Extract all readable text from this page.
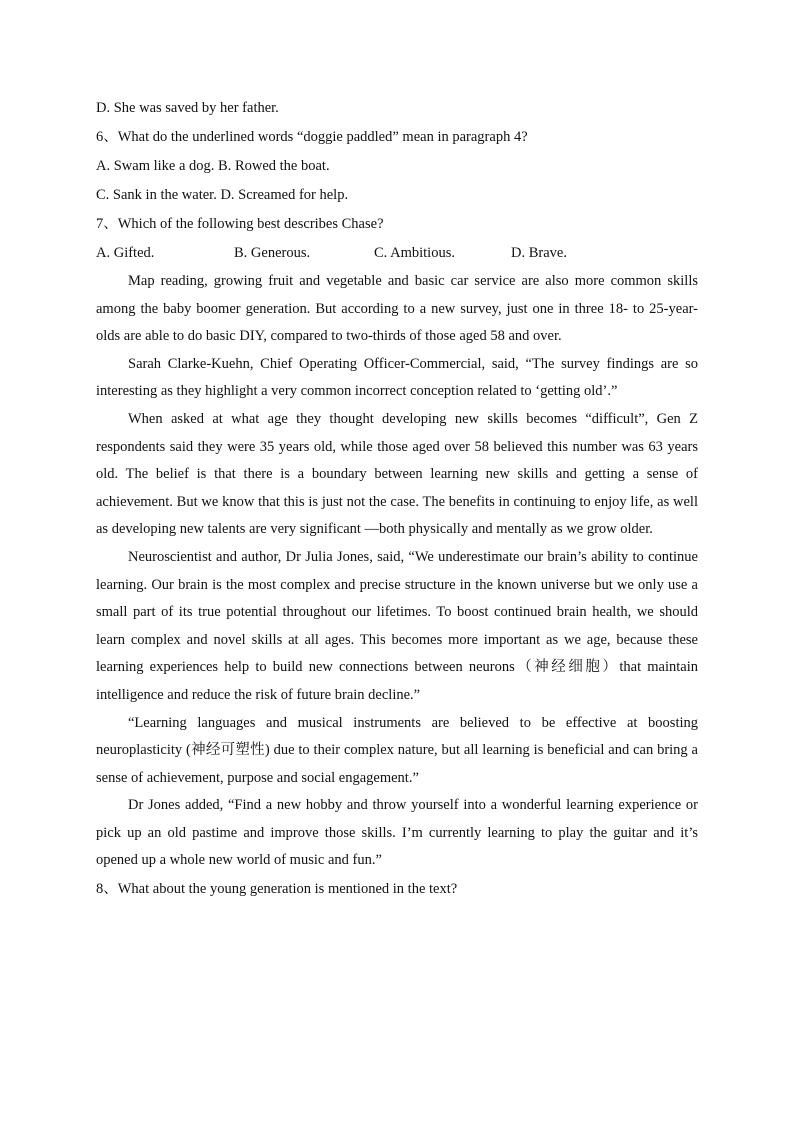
D. She was saved by her father.
6、What do the underlined words “doggie paddled” mean in paragraph 4?
A. Swam like a dog. B. Rowed the boat.
C. Sank in the water. D. Screamed for help.
7、Which of the following best describes Chase?
A. Gifted.	B. Generous.	C. Ambitious.	D. Brave.

Map reading, growing fruit and vegetable and basic car service are also more common skills among the baby boomer generation. But according to a new survey, just one in three 18- to 25-year-olds are able to do basic DIY, compared to two-thirds of those aged 58 and over.

Sarah Clarke-Kuehn, Chief Operating Officer-Commercial, said, “The survey findings are so interesting as they highlight a very common incorrect conception related to ‘getting old’.”

When asked at what age they thought developing new skills becomes “difficult”, Gen Z respondents said they were 35 years old, while those aged over 58 believed this number was 63 years old. The belief is that there is a boundary between learning new skills and getting a sense of achievement. But we know that this is just not the case. The benefits in continuing to enjoy life, as well as developing new talents are very significant —both physically and mentally as we grow older.

Neuroscientist and author, Dr Julia Jones, said, “We underestimate our brain’s ability to continue learning. Our brain is the most complex and precise structure in the known universe but we only use a small part of its true potential throughout our lifetimes. To boost continued brain health, we should learn complex and novel skills at all ages. This becomes more important as we age, because these learning experiences help to build new connections between neurons（神经细胞）that maintain intelligence and reduce the risk of future brain decline.”

“Learning languages and musical instruments are believed to be effective at boosting neuroplasticity (神经可塑性) due to their complex nature, but all learning is beneficial and can bring a sense of achievement, purpose and social engagement.”

Dr Jones added, “Find a new hobby and throw yourself into a wonderful learning experience or pick up an old pastime and improve those skills. I’m currently learning to play the guitar and it’s opened up a whole new world of music and fun.”

8、What about the young generation is mentioned in the text?
